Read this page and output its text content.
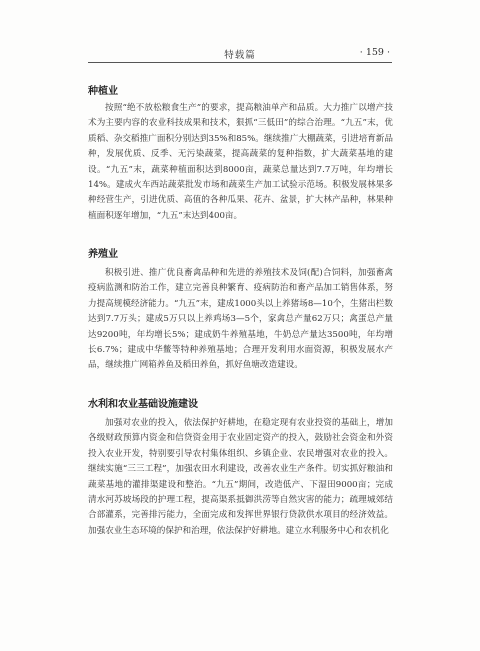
特载篇	· 159 ·
种植业

按照“绝不放松粮食生产”的要求，提高粮油单产和品质。大力推广以增产技术为主要内容的农业科技成果和技术，狠抓“三低田”的综合治理。“九五”末，优质稻、杂交稻推广面积分别达到35%和85%。继续推广大棚蔬菜，引进培育新品种，发展优质、反季、无污染蔬菜，提高蔬菜的复种指数，扩大蔬菜基地的建设。“九五”末，蔬菜种植面积达到8000亩，蔬菜总量达到7.7万吨，年均增长14%。建成火车西站蔬菜批发市场和蔬菜生产加工试验示范场。积极发展林果多种经营生产，引进优质、高值的各种瓜果、花卉、盆景，扩大林产品种，林果种植面积逐年增加，“九五”末达到400亩。

养殖业

积极引进、推广优良畜禽品种和先进的养殖技术及饲(配)合饲料，加强畜禽疫病监测和防治工作，建立完善良种繁育、疫病防治和畜产品加工销售体系，努力提高规模经济能力。“九五”末，建成1000头以上养猪场8—10个，生猪出栏数达到7.7万头；建成5万只以上养鸡场3—5个，家禽总产量62万只；禽蛋总产量达9200吨，年均增长5%；建成奶牛养殖基地，牛奶总产量达3500吨，年均增长6.7%；建成中华鳖等特种养殖基地；合理开发利用水面资源，积极发展水产品，继续推广网箱养鱼及稻田养鱼，抓好鱼塘改造建设。

水利和农业基础设施建设

加强对农业的投入，依法保护好耕地，在稳定现有农业投资的基础上，增加各级财政预算内资金和信贷资金用于农业固定资产的投入，鼓励社会资金和外资投入农业开发，特别要引导农村集体组织、乡镇企业、农民增强对农业的投入。继续实施“三三工程”，加强农田水利建设，改善农业生产条件。切实抓好粮油和蔬菜基地的灌排渠建设和整治。“九五”期间，改造低产、下湿田9000亩；完成清水河苏坡场段的护理工程，提高渠系抵御洪涝等自然灾害的能力；疏理城郊结合部灌系，完善排污能力，全面完成和发挥世界银行贷款供水项目的经济效益。加强农业生态环境的保护和治理，依法保护好耕地。建立水利服务中心和农机化
